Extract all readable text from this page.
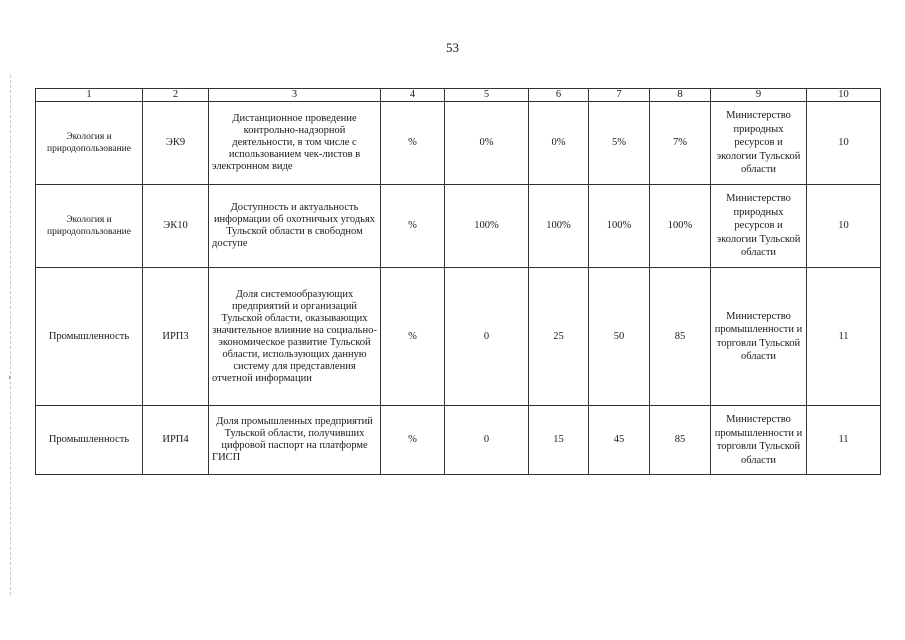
›
53
1	2	3	4	5	6	7	8	9	10
Экология и природопользование	ЭК9	Дистанционное проведение контрольно-надзорной деятельности, в том числе с использованием чек-листов в электронном виде	%	0%	0%	5%	7%	Министерство природных ресурсов и экологии Тульской области	10
Экология и природопользование	ЭК10	Доступность и актуальность информации об охотничьих угодьях Тульской области в свободном доступе	%	100%	100%	100%	100%	Министерство природных ресурсов и экологии Тульской области	10
Промышленность	ИРП3	Доля системообразующих предприятий и организаций Тульской области, оказывающих значительное влияние на социально-экономическое развитие Тульской области, использующих данную систему для представления отчетной информации	%	0	25	50	85	Министерство промышленности и торговли Тульской области	11
Промышленность	ИРП4	Доля промышленных предприятий Тульской области, получивших цифровой паспорт на платформе ГИСП	%	0	15	45	85	Министерство промышленности и торговли Тульской области	11
